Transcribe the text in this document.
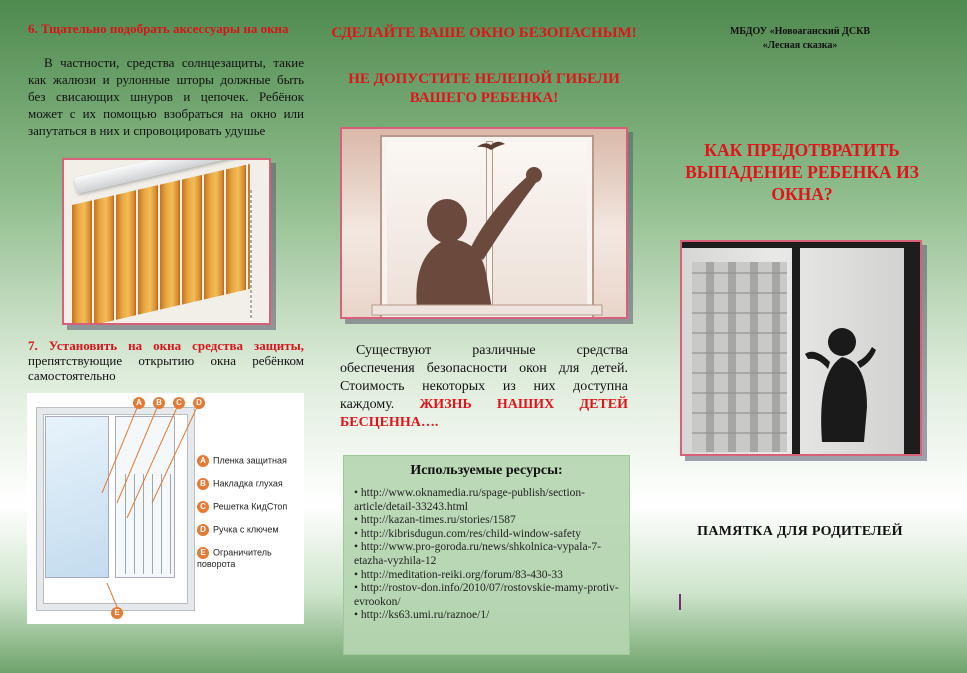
6. Тщательно подобрать аксессуары на окна
В частности, средства солнцезащиты, такие как жалюзи и рулонные шторы должные быть без свисающих шнуров и цепочек. Ребёнок может с их помощью взобраться на окно или запутаться в них и спровоцировать удушье
7. Установить на окна средства защиты, препятствующие открытию окна ребёнком самостоятельно
A	B	C	D
E
A Пленка защитная
B Накладка глухая
C Решетка КидСтоп
D Ручка с ключем
E Ограничитель поворота
СДЕЛАЙТЕ ВАШЕ ОКНО БЕЗОПАСНЫМ!
НЕ ДОПУСТИТЕ НЕЛЕПОЙ ГИБЕЛИ ВАШЕГО РЕБЕНКА!
Существуют различные средства обеспечения безопасности окон для детей. Стоимость некоторых из них доступна каждому. ЖИЗНЬ НАШИХ ДЕТЕЙ БЕСЦЕННА….
Используемые ресурсы:
• http://www.oknamedia.ru/spage-publish/section-article/detail-33243.html
• http://kazan-times.ru/stories/1587
• http://kibrisdugun.com/res/child-window-safety
• http://www.pro-goroda.ru/news/shkolnica-vypala-7-etazha-vyzhila-12
• http://meditation-reiki.org/forum/83-430-33
• http://rostov-don.info/2010/07/rostovskie-mamy-protiv-evrookon/
• http://ks63.umi.ru/raznoe/1/
МБДОУ «Новоаганский ДСКВ
«Лесная сказка»
КАК ПРЕДОТВРАТИТЬ ВЫПАДЕНИЕ РЕБЕНКА ИЗ ОКНА?
ПАМЯТКА ДЛЯ РОДИТЕЛЕЙ
